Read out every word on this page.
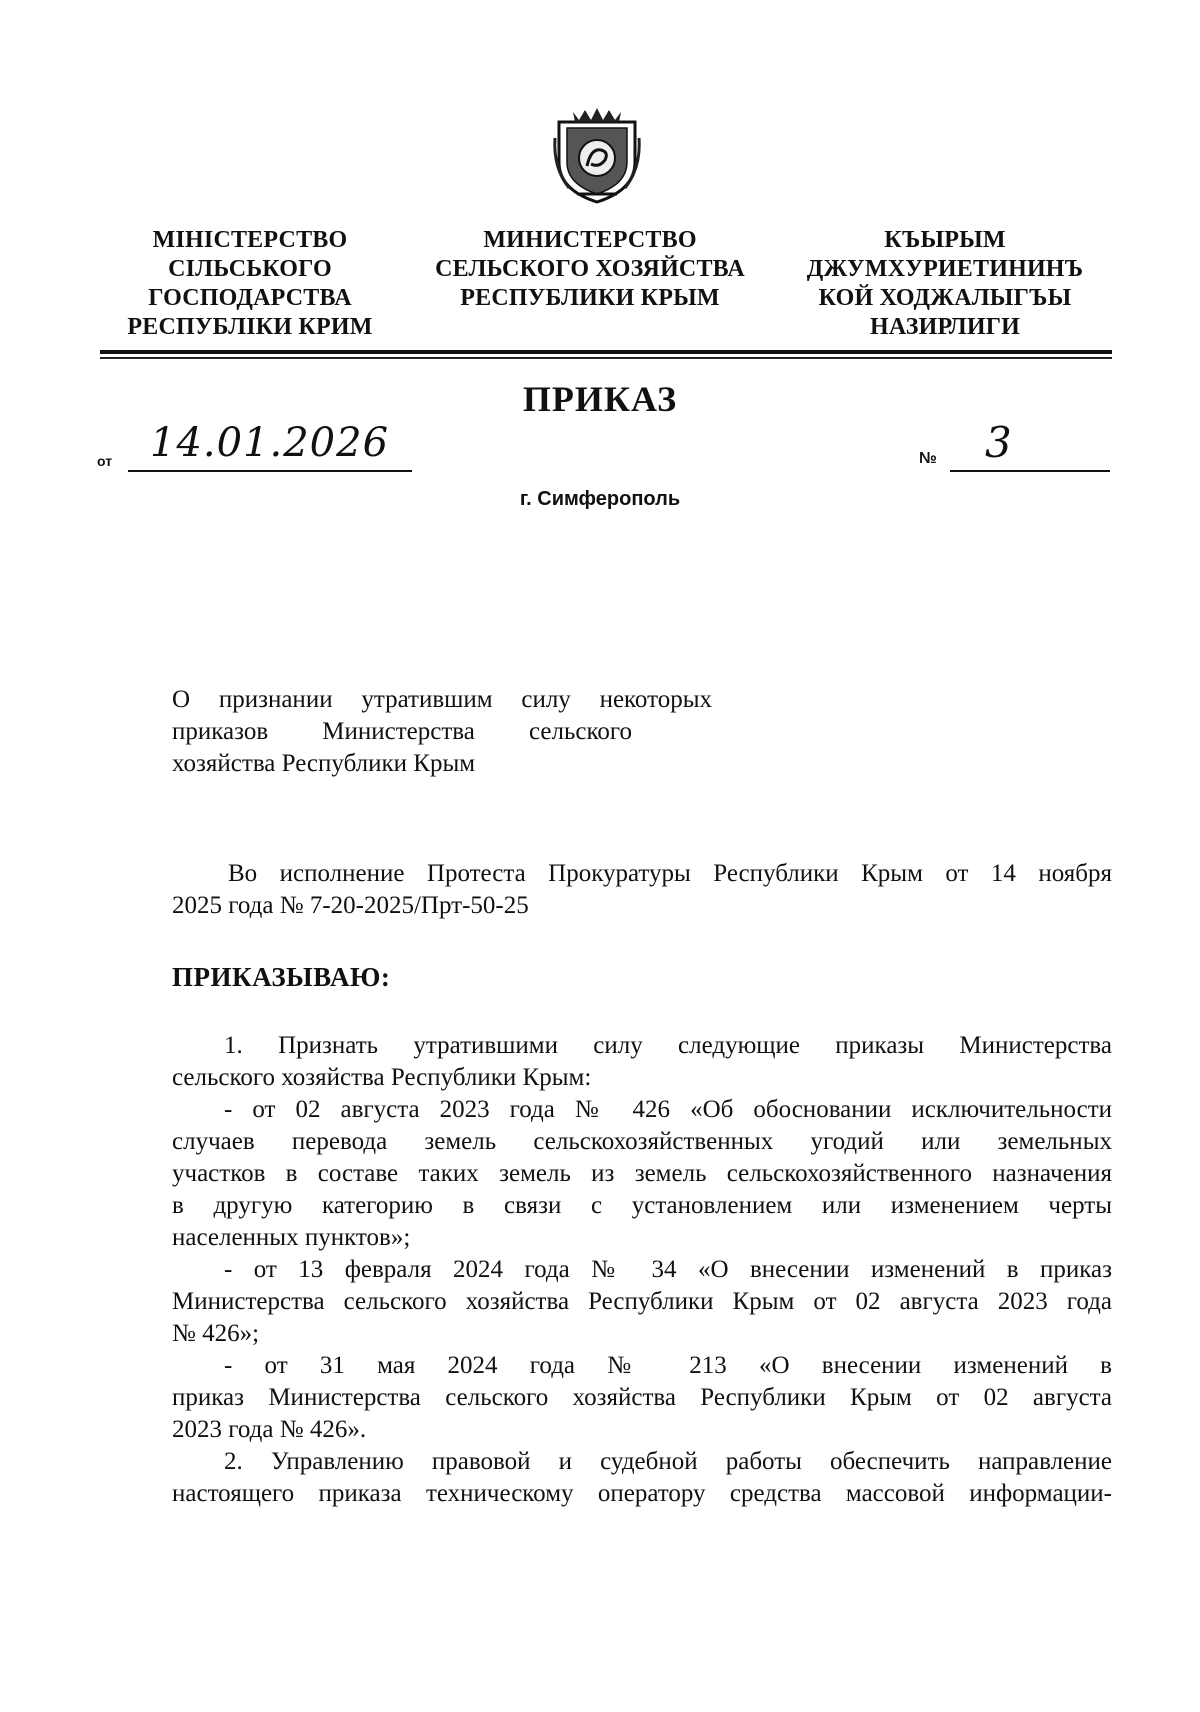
МІНІСТЕРСТВО
СІЛЬСЬКОГО
ГОСПОДАРСТВА
РЕСПУБЛІКИ КРИМ
МИНИСТЕРСТВО
СЕЛЬСКОГО ХОЗЯЙСТВА
РЕСПУБЛИКИ КРЫМ
КЪЫРЫМ
ДЖУМХУРИЕТИНИНЪ
КОЙ ХОДЖАЛЫГЪЫ
НАЗИРЛИГИ
ПРИКАЗ
от 14.01.2026	№ 3
г. Симферополь
О признании утратившим силу некоторых
приказов Министерства сельского
хозяйства Республики Крым
Во исполнение Протеста Прокуратуры Республики Крым от 14 ноября
2025 года № 7-20-2025/Прт-50-25
ПРИКАЗЫВАЮ:
1. Признать утратившими силу следующие приказы Министерства
сельского хозяйства Республики Крым:
- от 02 августа 2023 года № 426 «Об обосновании исключительности
случаев перевода земель сельскохозяйственных угодий или земельных
участков в составе таких земель из земель сельскохозяйственного назначения
в другую категорию в связи с установлением или изменением черты
населенных пунктов»;
- от 13 февраля 2024 года № 34 «О внесении изменений в приказ
Министерства сельского хозяйства Республики Крым от 02 августа 2023 года
№ 426»;
- от 31 мая 2024 года № 213 «О внесении изменений в
приказ Министерства сельского хозяйства Республики Крым от 02 августа
2023 года № 426».
2. Управлению правовой и судебной работы обеспечить направление
настоящего приказа техническому оператору средства массовой информации-
